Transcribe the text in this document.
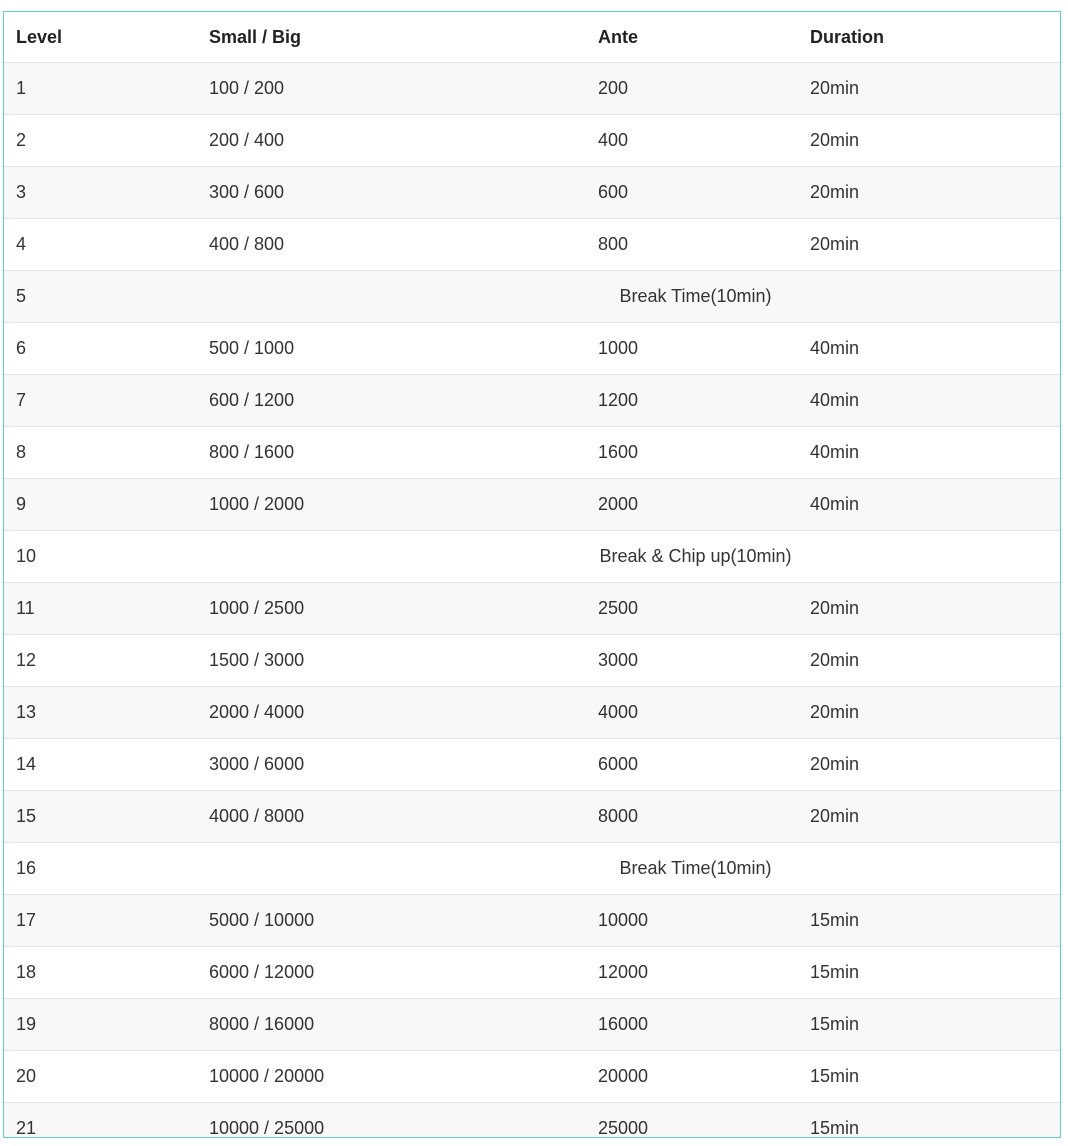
Level	Small / Big	Ante	Duration
1	100 / 200	200	20min
2	200 / 400	400	20min
3	300 / 600	600	20min
4	400 / 800	800	20min
5	Break Time(10min)		
6	500 / 1000	1000	40min
7	600 / 1200	1200	40min
8	800 / 1600	1600	40min
9	1000 / 2000	2000	40min
10	Break & Chip up(10min)		
11	1000 / 2500	2500	20min
12	1500 / 3000	3000	20min
13	2000 / 4000	4000	20min
14	3000 / 6000	6000	20min
15	4000 / 8000	8000	20min
16	Break Time(10min)		
17	5000 / 10000	10000	15min
18	6000 / 12000	12000	15min
19	8000 / 16000	16000	15min
20	10000 / 20000	20000	15min
21	10000 / 25000	25000	15min
